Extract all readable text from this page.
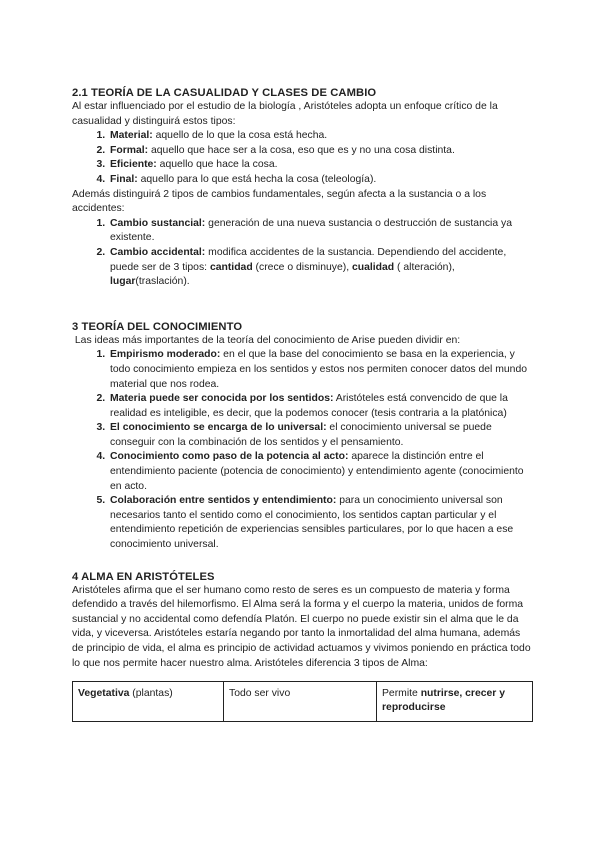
2.1 TEORÍA DE LA CASUALIDAD Y CLASES DE CAMBIO

Al estar influenciado por el estudio de la biología , Aristóteles adopta un enfoque crítico de la casualidad y distinguirá estos tipos:

1. Material: aquello de lo que la cosa está hecha.
2. Formal: aquello que hace ser a la cosa, eso que es y no una cosa distinta.
3. Eficiente: aquello que hace la cosa.
4. Final: aquello para lo que está hecha la cosa (teleología).

Además distinguirá 2 tipos de cambios fundamentales, según afecta a la sustancia o a los accidentes:

1. Cambio sustancial: generación de una nueva sustancia o destrucción de sustancia ya existente.
2. Cambio accidental: modifica accidentes de la sustancia. Dependiendo del accidente, puede ser de 3 tipos: cantidad (crece o disminuye), cualidad ( alteración), lugar(traslación).
3 TEORÍA DEL CONOCIMIENTO

Las ideas más importantes de la teoría del conocimiento de Arise pueden dividir en:

1. Empirismo moderado: en el que la base del conocimiento se basa en la experiencia, y todo conocimiento empieza en los sentidos y estos nos permiten conocer datos del mundo material que nos rodea.
2. Materia puede ser conocida por los sentidos: Aristóteles está convencido de que la realidad es inteligible, es decir, que la podemos conocer (tesis contraria a la platónica)
3. El conocimiento se encarga de lo universal: el conocimiento universal se puede conseguir con la combinación de los sentidos y el pensamiento.
4. Conocimiento como paso de la potencia al acto: aparece la distinción entre el entendimiento paciente (potencia de conocimiento) y entendimiento agente (conocimiento en acto.
5. Colaboración entre sentidos y entendimiento: para un conocimiento universal son necesarios tanto el sentido como el conocimiento, los sentidos captan particular y el entendimiento repetición de experiencias sensibles particulares, por lo que hacen a ese conocimiento universal.
4 ALMA EN ARISTÓTELES

Aristóteles afirma que el ser humano como resto de seres es un compuesto de materia y forma defendido a través del hilemorfismo. El Alma será la forma y el cuerpo la materia, unidos de forma sustancial y no accidental como defendía Platón. El cuerpo no puede existir sin el alma que le da vida, y viceversa. Aristóteles estaría negando por tanto la inmortalidad del alma humana, además de principio de vida, el alma es principio de actividad actuamos y vivimos poniendo en práctica todo lo que nos permite hacer nuestro alma. Aristóteles diferencia 3 tipos de Alma:

Vegetativa (plantas)	Todo ser vivo	Permite nutrirse, crecer y reproducirse
